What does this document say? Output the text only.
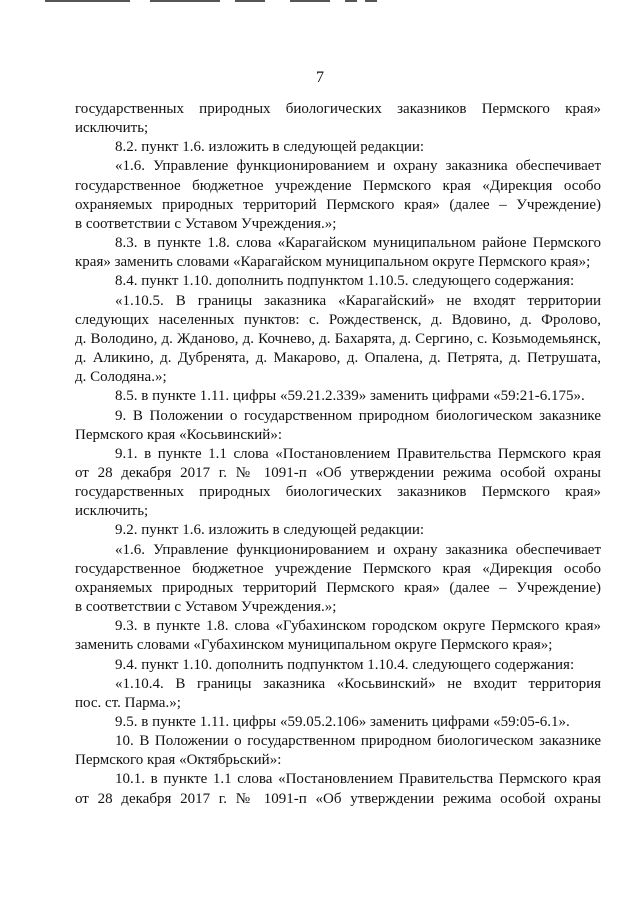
7

государственных природных биологических заказников Пермского края»

исключить;

8.2. пункт 1.6. изложить в следующей редакции:

«1.6. Управление функционированием и охрану заказника обеспечивает

государственное бюджетное учреждение Пермского края «Дирекция особо

охраняемых природных территорий Пермского края» (далее – Учреждение)

в соответствии с Уставом Учреждения.»;

8.3. в пункте 1.8. слова «Карагайском муниципальном районе Пермского

края» заменить словами «Карагайском муниципальном округе Пермского края»;

8.4. пункт 1.10. дополнить подпунктом 1.10.5. следующего содержания:

«1.10.5. В границы заказника «Карагайский» не входят территории

следующих населенных пунктов: с. Рождественск, д. Вдовино, д. Фролово,

д. Володино, д. Жданово, д. Кочнево, д. Бахарята, д. Сергино, с. Козьмодемьянск,

д. Аликино, д. Дубренята, д. Макарово, д. Опалена, д. Петрята, д. Петрушата,

д. Солодяна.»;

8.5. в пункте 1.11. цифры «59.21.2.339» заменить цифрами «59:21-6.175».

9. В Положении о государственном природном биологическом заказнике

Пермского края «Косьвинский»:

9.1. в пункте 1.1 слова «Постановлением Правительства Пермского края

от 28 декабря 2017 г. № 1091-п «Об утверждении режима особой охраны

государственных природных биологических заказников Пермского края»

исключить;

9.2. пункт 1.6. изложить в следующей редакции:

«1.6. Управление функционированием и охрану заказника обеспечивает

государственное бюджетное учреждение Пермского края «Дирекция особо

охраняемых природных территорий Пермского края» (далее – Учреждение)

в соответствии с Уставом Учреждения.»;

9.3. в пункте 1.8. слова «Губахинском городском округе Пермского края»

заменить словами «Губахинском муниципальном округе Пермского края»;

9.4. пункт 1.10. дополнить подпунктом 1.10.4. следующего содержания:

«1.10.4. В границы заказника «Косьвинский» не входит территория

пос. ст. Парма.»;

9.5. в пункте 1.11. цифры «59.05.2.106» заменить цифрами «59:05-6.1».

10. В Положении о государственном природном биологическом заказнике

Пермского края «Октябрьский»:

10.1. в пункте 1.1 слова «Постановлением Правительства Пермского края

от 28 декабря 2017 г. № 1091-п «Об утверждении режима особой охраны
